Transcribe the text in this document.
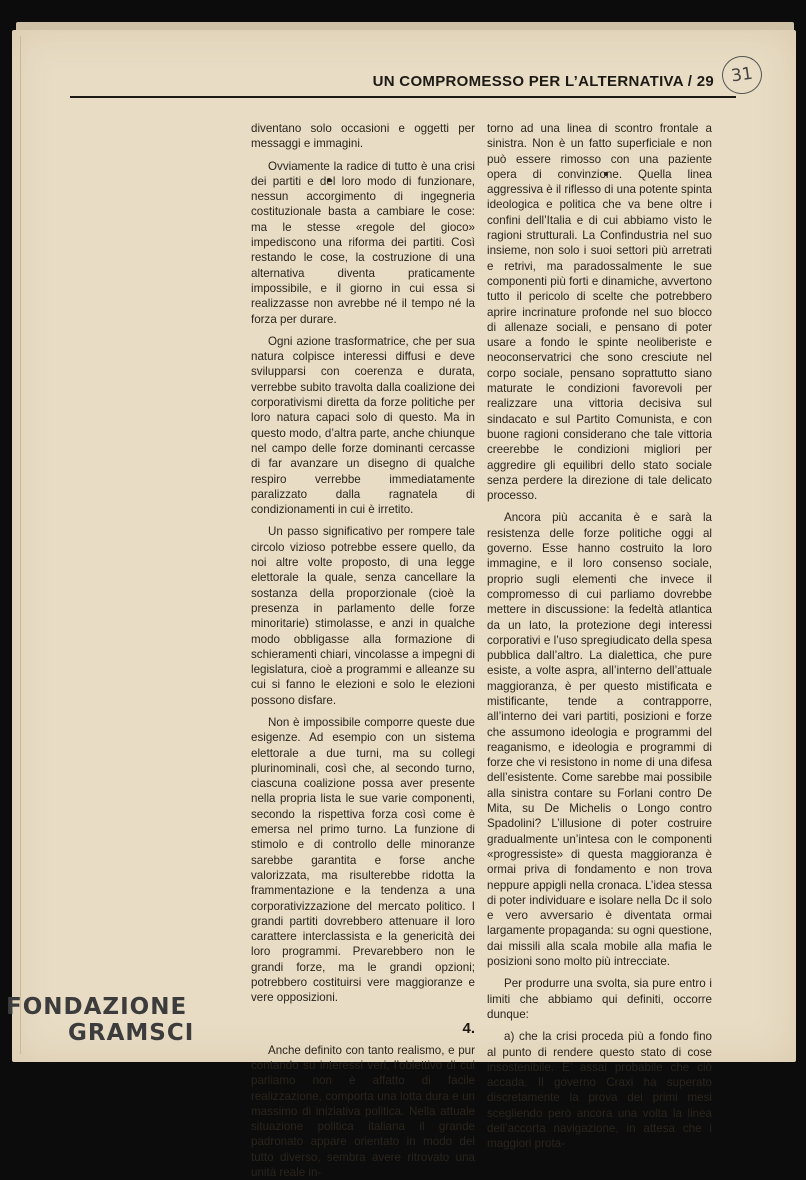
UN COMPROMESSO PER L’ALTERNATIVA / 29 31

diventano solo occasioni e oggetti per messaggi e immagini.

Ovviamente la radice di tutto è una crisi dei partiti e del loro modo di funzionare, nessun accorgimento di ingegneria costituzionale basta a cambiare le cose: ma le stesse «regole del gioco» impediscono una riforma dei partiti. Così restando le cose, la costruzione di una alternativa diventa praticamente impossibile, e il giorno in cui essa si realizzasse non avrebbe né il tempo né la forza per durare.

Ogni azione trasformatrice, che per sua natura colpisce interessi diffusi e deve svilupparsi con coerenza e durata, verrebbe subito travolta dalla coalizione dei corporativismi diretta da forze politiche per loro natura capaci solo di questo. Ma in questo modo, d’altra parte, anche chiunque nel campo delle forze dominanti cercasse di far avanzare un disegno di qualche respiro verrebbe immediatamente paralizzato dalla ragnatela di condizionamenti in cui è irretito.

Un passo significativo per rompere tale circolo vizioso potrebbe essere quello, da noi altre volte proposto, di una legge elettorale la quale, senza cancellare la sostanza della proporzionale (cioè la presenza in parlamento delle forze minoritarie) stimolasse, e anzi in qualche modo obbligasse alla formazione di schieramenti chiari, vincolasse a impegni di legislatura, cioè a programmi e alleanze su cui si fanno le elezioni e solo le elezioni possono disfare.

Non è impossibile comporre queste due esigenze. Ad esempio con un sistema elettorale a due turni, ma su collegi plurinominali, così che, al secondo turno, ciascuna coalizione possa aver presente nella propria lista le sue varie componenti, secondo la rispettiva forza così come è emersa nel primo turno. La funzione di stimolo e di controllo delle minoranze sarebbe garantita e forse anche valorizzata, ma risulterebbe ridotta la frammentazione e la tendenza a una corporativizzazione del mercato politico. I grandi partiti dovrebbero attenuare il loro carattere interclassista e la genericità dei loro programmi. Prevarebbero non le grandi forze, ma le grandi opzioni; potrebbero costituirsi vere maggioranze e vere opposizioni.

4.

Anche definito con tanto realismo, e pur contando su interessi veri, l’obiettivo di cui parliamo non è affatto di facile realizzazione, comporta una lotta dura e un massimo di iniziativa politica. Nella attuale situazione politica italiana il grande padronato appare orientato in modo del tutto diverso, sembra avere ritrovato una unità reale in-

torno ad una linea di scontro frontale a sinistra. Non è un fatto superficiale e non può essere rimosso con una paziente opera di convinzione. Quella linea aggressiva è il riflesso di una potente spinta ideologica e politica che va bene oltre i confini dell’Italia e di cui abbiamo visto le ragioni strutturali. La Confindustria nel suo insieme, non solo i suoi settori più arretrati e retrivi, ma paradossalmente le sue componenti più forti e dinamiche, avvertono tutto il pericolo di scelte che potrebbero aprire incrinature profonde nel suo blocco di allenaze sociali, e pensano di poter usare a fondo le spinte neoliberiste e neoconservatrici che sono cresciute nel corpo sociale, pensano soprattutto siano maturate le condizioni favorevoli per realizzare una vittoria decisiva sul sindacato e sul Partito Comunista, e con buone ragioni considerano che tale vittoria creerebbe le condizioni migliori per aggredire gli equilibri dello stato sociale senza perdere la direzione di tale delicato processo.

Ancora più accanita è e sarà la resistenza delle forze politiche oggi al governo. Esse hanno costruito la loro immagine, e il loro consenso sociale, proprio sugli elementi che invece il compromesso di cui parliamo dovrebbe mettere in discussione: la fedeltà atlantica da un lato, la protezione degi interessi corporativi e l’uso spregiudicato della spesa pubblica dall’altro. La dialettica, che pure esiste, a volte aspra, all’interno dell’attuale maggioranza, è per questo mistificata e mistificante, tende a contrapporre, all’interno dei vari partiti, posizioni e forze che assumono ideologia e programmi del reaganismo, e ideologia e programmi di forze che vi resistono in nome di una difesa dell’esistente. Come sarebbe mai possibile alla sinistra contare su Forlani contro De Mita, su De Michelis o Longo contro Spadolini? L’illusione di poter costruire gradualmente un’intesa con le componenti «progressiste» di questa maggioranza è ormai priva di fondamento e non trova neppure appigli nella cronaca. L’idea stessa di poter individuare e isolare nella Dc il solo e vero avversario è diventata ormai largamente propaganda: su ogni questione, dai missili alla scala mobile alla mafia le posizioni sono molto più intrecciate.

Per produrre una svolta, sia pure entro i limiti che abbiamo qui definiti, occorre dunque:

a) che la crisi proceda più a fondo fino al punto di rendere questo stato di cose insostenibile. E’ assai probabile che ciò accada. Il governo Craxi ha superato discretamente la prova dei primi mesi scegliendo però ancora una volta la linea dell’accorta navigazione, in attesa che i maggiori prota-

FONDAZIONE
GRAMSCI
